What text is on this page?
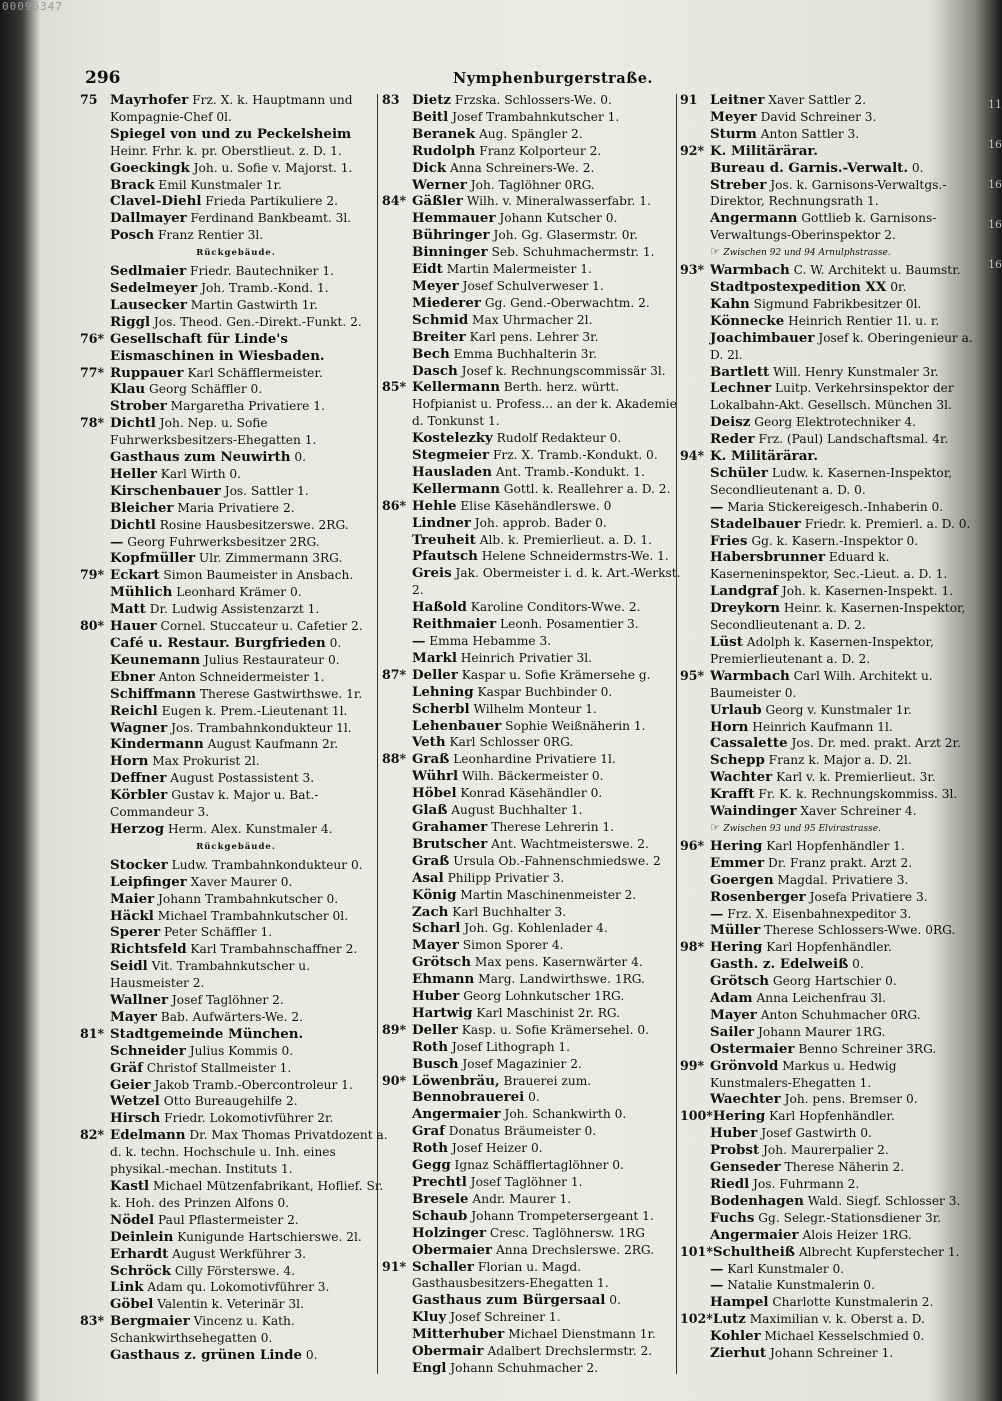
00096347
296	Nymphenburgerstraße.
75 Mayrhofer Frz. X. k. Hauptmann und Kompagnie-Chef 0l.
Spiegel von und zu Peckelsheim Heinr. Frhr. k. pr. Oberstlieut. z. D. 1.
Goeckingk Joh. u. Sofie v. Majorst. 1.
Brack Emil Kunstmaler 1r.
Clavel-Diehl Frieda Partikuliere 2.
Dallmayer Ferdinand Bankbeamt. 3l.
Posch Franz Rentier 3l.
Rückgebäude.
Sedlmaier Friedr. Bautechniker 1.
Sedelmeyer Joh. Tramb.-Kond. 1.
Lausecker Martin Gastwirth 1r.
Riggl Jos. Theod. Gen.-Direkt.-Funkt. 2.
76* Gesellschaft für Linde's Eismaschinen in Wiesbaden.
77* Ruppauer Karl Schäfflermeister.
Klau Georg Schäffler 0.
Strober Margaretha Privatiere 1.
78* Dichtl Joh. Nep. u. Sofie Fuhrwerksbesitzers-Ehegatten 1.
Gasthaus zum Neuwirth 0.
Heller Karl Wirth 0.
Kirschenbauer Jos. Sattler 1.
Bleicher Maria Privatiere 2.
Dichtl Rosine Hausbesitzerswe. 2RG.
— Georg Fuhrwerksbesitzer 2RG.
Kopfmüller Ulr. Zimmermann 3RG.
79* Eckart Simon Baumeister in Ansbach.
Mühlich Leonhard Krämer 0.
Matt Dr. Ludwig Assistenzarzt 1.
80* Hauer Cornel. Stuccateur u. Cafetier 2.
Café u. Restaur. Burgfrieden 0.
Keunemann Julius Restaurateur 0.
Ebner Anton Schneidermeister 1.
Schiffmann Therese Gastwirthswe. 1r.
Reichl Eugen k. Prem.-Lieutenant 1l.
Wagner Jos. Trambahnkondukteur 1l.
Kindermann August Kaufmann 2r.
Horn Max Prokurist 2l.
Deffner August Postassistent 3.
Körbler Gustav k. Major u. Bat.-Commandeur 3.
Herzog Herm. Alex. Kunstmaler 4.
Rückgebäude.
Stocker Ludw. Trambahnkondukteur 0.
Leipfinger Xaver Maurer 0.
Maier Johann Trambahnkutscher 0.
Häckl Michael Trambahnkutscher 0l.
Sperer Peter Schäffler 1.
Richtsfeld Karl Trambahnschaffner 2.
Seidl Vit. Trambahnkutscher u. Hausmeister 2.
Wallner Josef Taglöhner 2.
Mayer Bab. Aufwärters-We. 2.
81* Stadtgemeinde München.
Schneider Julius Kommis 0.
Gräf Christof Stallmeister 1.
Geier Jakob Tramb.-Obercontroleur 1.
Wetzel Otto Bureaugehilfe 2.
Hirsch Friedr. Lokomotivführer 2r.
82* Edelmann Dr. Max Thomas Privatdozent a. d. k. techn. Hochschule u. Inh. eines physikal.-mechan. Instituts 1.
Kastl Michael Mützenfabrikant, Hoflief. Sr. k. Hoh. des Prinzen Alfons 0.
Nödel Paul Pflastermeister 2.
Deinlein Kunigunde Hartschierswe. 2l.
Erhardt August Werkführer 3.
Schröck Cilly Försterswe. 4.
Link Adam qu. Lokomotivführer 3.
Göbel Valentin k. Veterinär 3l.
83* Bergmaier Vincenz u. Kath. Schankwirthsehegatten 0.
Gasthaus z. grünen Linde 0.
83 Dietz Frzska. Schlossers-We. 0.
Beitl Josef Trambahnkutscher 1.
Beranek Aug. Spängler 2.
Rudolph Franz Kolporteur 2.
Dick Anna Schreiners-We. 2.
Werner Joh. Taglöhner 0RG.
84* Gäßler Wilh. v. Mineralwasserfabr. 1.
Hemmauer Johann Kutscher 0.
Bühringer Joh. Gg. Glasermstr. 0r.
Binninger Seb. Schuhmachermstr. 1.
Eidt Martin Malermeister 1.
Meyer Josef Schulverweser 1.
Miederer Gg. Gend.-Oberwachtm. 2.
Schmid Max Uhrmacher 2l.
Breiter Karl pens. Lehrer 3r.
Bech Emma Buchhalterin 3r.
Dasch Josef k. Rechnungscommissär 3l.
85* Kellermann Berth. herz. württ. Hofpianist u. Profess... an der k. Akademie d. Tonkunst 1.
Kostelezky Rudolf Redakteur 0.
Stegmeier Frz. X. Tramb.-Kondukt. 0.
Hausladen Ant. Tramb.-Kondukt. 1.
Kellermann Gottl. k. Reallehrer a. D. 2.
86* Hehle Elise Käsehändlerswe. 0
Lindner Joh. approb. Bader 0.
Treuheit Alb. k. Premierlieut. a. D. 1.
Pfautsch Helene Schneidermstrs-We. 1.
Greis Jak. Obermeister i. d. k. Art.-Werkst. 2.
Haßold Karoline Conditors-Wwe. 2.
Reithmaier Leonh. Posamentier 3.
— Emma Hebamme 3.
Markl Heinrich Privatier 3l.
87* Deller Kaspar u. Sofie Krämersehe g.
Lehning Kaspar Buchbinder 0.
Scherbl Wilhelm Monteur 1.
Lehenbauer Sophie Weißnäherin 1.
Veth Karl Schlosser 0RG.
88* Graß Leonhardine Privatiere 1l.
Wührl Wilh. Bäckermeister 0.
Höbel Konrad Käsehändler 0.
Glaß August Buchhalter 1.
Grahamer Therese Lehrerin 1.
Brutscher Ant. Wachtmeisterswe. 2.
Graß Ursula Ob.-Fahnenschmiedswe. 2
Asal Philipp Privatier 3.
König Martin Maschinenmeister 2.
Zach Karl Buchhalter 3.
Scharl Joh. Gg. Kohlenlader 4.
Mayer Simon Sporer 4.
Grötsch Max pens. Kasernwärter 4.
Ehmann Marg. Landwirthswe. 1RG.
Huber Georg Lohnkutscher 1RG.
Hartwig Karl Maschinist 2r. RG.
89* Deller Kasp. u. Sofie Krämersehel. 0.
Roth Josef Lithograph 1.
Busch Josef Magazinier 2.
90* Löwenbräu, Brauerei zum.
Bennobrauerei 0.
Angermaier Joh. Schankwirth 0.
Graf Donatus Bräumeister 0.
Roth Josef Heizer 0.
Gegg Ignaz Schäfflertaglöhner 0.
Prechtl Josef Taglöhner 1.
Bresele Andr. Maurer 1.
Schaub Johann Trompetersergeant 1.
Holzinger Cresc. Taglöhnersw. 1RG
Obermaier Anna Drechslerswe. 2RG.
91* Schaller Florian u. Magd. Gasthausbesitzers-Ehegatten 1.
Gasthaus zum Bürgersaal 0.
Kluy Josef Schreiner 1.
Mitterhuber Michael Dienstmann 1r.
Obermair Adalbert Drechslermstr. 2.
Engl Johann Schuhmacher 2.
91 Leitner Xaver Sattler 2.
Meyer David Schreiner 3.
Sturm Anton Sattler 3.
92* K. Militärärar.
Bureau d. Garnis.-Verwalt. 0.
Streber Jos. k. Garnisons-Verwaltgs.-Direktor, Rechnungsrath 1.
Angermann Gottlieb k. Garnisons-Verwaltungs-Oberinspektor 2.
☞ Zwischen 92 und 94 Arnulphstrasse.
93* Warmbach C. W. Architekt u. Baumstr.
Stadtpostexpedition XX 0r.
Kahn Sigmund Fabrikbesitzer 0l.
Könnecke Heinrich Rentier 1l. u. r.
Joachimbauer Josef k. Oberingenieur a. D. 2l.
Bartlett Will. Henry Kunstmaler 3r.
Lechner Luitp. Verkehrsinspektor der Lokalbahn-Akt. Gesellsch. München 3l.
Deisz Georg Elektrotechniker 4.
Reder Frz. (Paul) Landschaftsmal. 4r.
94* K. Militärärar.
Schüler Ludw. k. Kasernen-Inspektor, Secondlieutenant a. D. 0.
— Maria Stickereigesch.-Inhaberin 0.
Stadelbauer Friedr. k. Premierl. a. D. 0.
Fries Gg. k. Kasern.-Inspektor 0.
Habersbrunner Eduard k. Kaserneninspektor, Sec.-Lieut. a. D. 1.
Landgraf Joh. k. Kasernen-Inspekt. 1.
Dreykorn Heinr. k. Kasernen-Inspektor, Secondlieutenant a. D. 2.
Lüst Adolph k. Kasernen-Inspektor, Premierlieutenant a. D. 2.
95* Warmbach Carl Wilh. Architekt u. Baumeister 0.
Urlaub Georg v. Kunstmaler 1r.
Horn Heinrich Kaufmann 1l.
Cassalette Jos. Dr. med. prakt. Arzt 2r.
Schepp Franz k. Major a. D. 2l.
Wachter Karl v. k. Premierlieut. 3r.
Krafft Fr. K. k. Rechnungskommiss. 3l.
Waindinger Xaver Schreiner 4.
☞ Zwischen 93 und 95 Elvirastrasse.
96* Hering Karl Hopfenhändler 1.
Emmer Dr. Franz prakt. Arzt 2.
Goergen Magdal. Privatiere 3.
Rosenberger Josefa Privatiere 3.
— Frz. X. Eisenbahnexpeditor 3.
Müller Therese Schlossers-Wwe. 0RG.
98* Hering Karl Hopfenhändler.
Gasth. z. Edelweiß 0.
Grötsch Georg Hartschier 0.
Adam Anna Leichenfrau 3l.
Mayer Anton Schuhmacher 0RG.
Sailer Johann Maurer 1RG.
Ostermaier Benno Schreiner 3RG.
99* Grönvold Markus u. Hedwig Kunstmalers-Ehegatten 1.
Waechter Joh. pens. Bremser 0.
100*Hering Karl Hopfenhändler.
Huber Josef Gastwirth 0.
Probst Joh. Maurerpalier 2.
Genseder Therese Näherin 2.
Riedl Jos. Fuhrmann 2.
Bodenhagen Wald. Siegf. Schlosser 3.
Fuchs Gg. Selegr.-Stationsdiener 3r.
Angermaier Alois Heizer 1RG.
101*Schultheiß Albrecht Kupferstecher 1.
— Karl Kunstmaler 0.
— Natalie Kunstmalerin 0.
Hampel Charlotte Kunstmalerin 2.
102*Lutz Maximilian v. k. Oberst a. D.
Kohler Michael Kesselschmied 0.
Zierhut Johann Schreiner 1.
11
16
16
16
16
